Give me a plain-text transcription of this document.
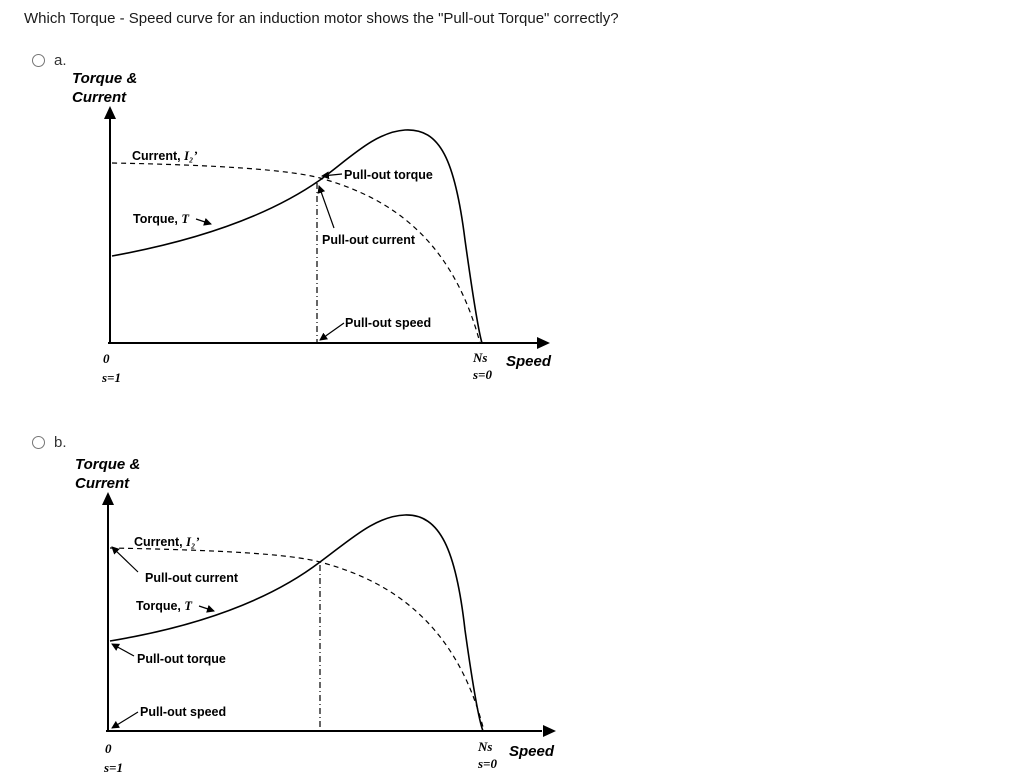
Which Torque - Speed curve for an induction motor shows the "Pull-out Torque" correctly?
a.
Torque &
Current
Current, I₂’
Torque, T
Pull-out torque
Pull-out current
Pull-out speed
0
s=1
Ns
s=0
Speed
b.
Torque &
Current
Current, I₂’
Pull-out current
Torque, T
Pull-out torque
Pull-out speed
0
s=1
Ns
s=0
Speed
